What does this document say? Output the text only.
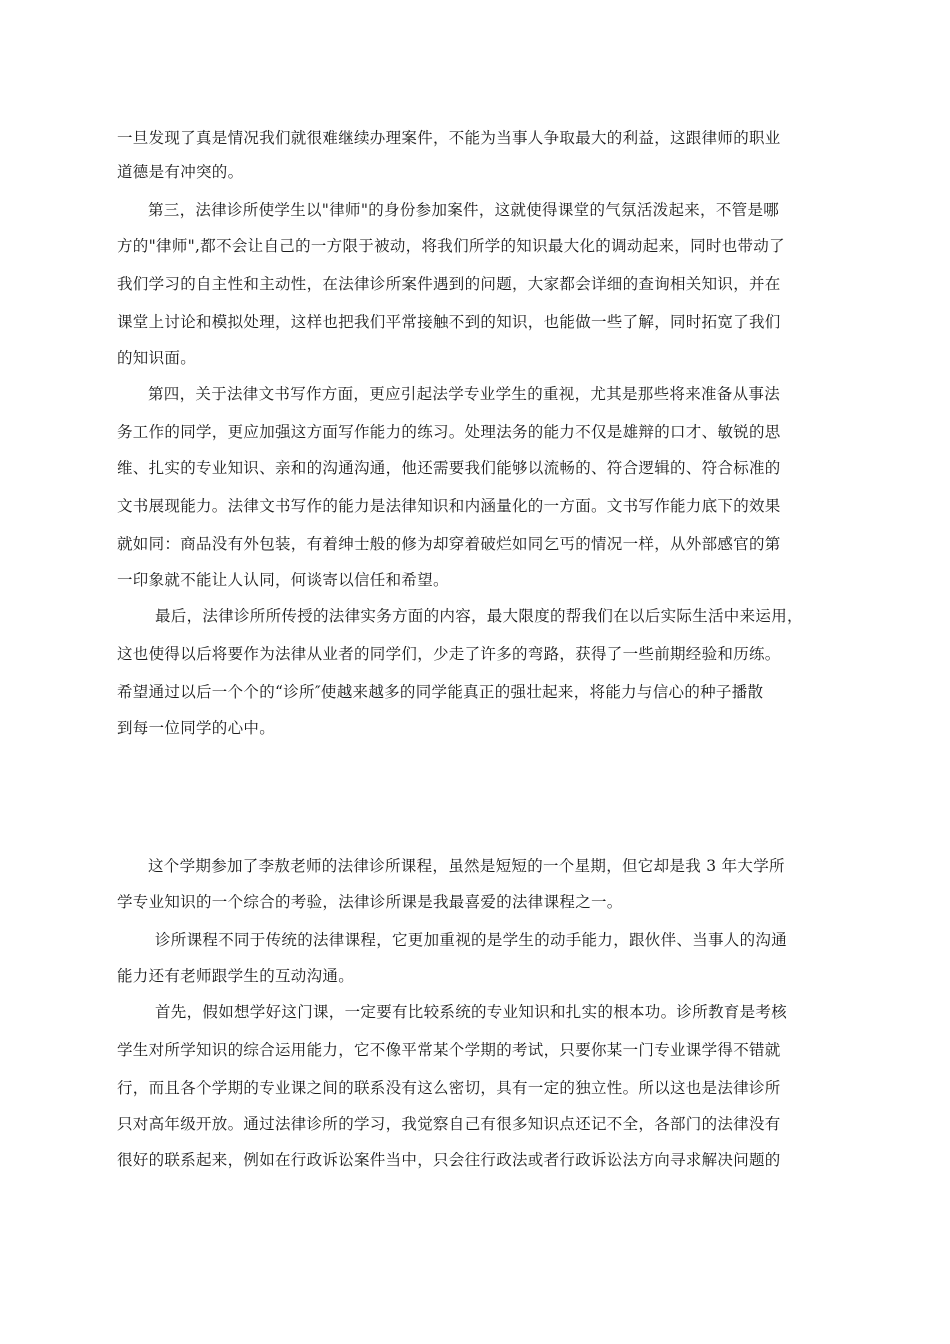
一旦发现了真是情况我们就很难继续办理案件，不能为当事人争取最大的利益，这跟律师的职业
道德是有冲突的。
第三，法律诊所使学生以"律师"的身份参加案件，这就使得课堂的气氛活泼起来，不管是哪
方的"律师",都不会让自己的一方限于被动，将我们所学的知识最大化的调动起来，同时也带动了
我们学习的自主性和主动性，在法律诊所案件遇到的问题，大家都会详细的查询相关知识，并在
课堂上讨论和模拟处理，这样也把我们平常接触不到的知识，也能做一些了解，同时拓宽了我们
的知识面。
第四，关于法律文书写作方面，更应引起法学专业学生的重视，尤其是那些将来准备从事法
务工作的同学，更应加强这方面写作能力的练习。处理法务的能力不仅是雄辩的口才、敏锐的思
维、扎实的专业知识、亲和的沟通沟通，他还需要我们能够以流畅的、符合逻辑的、符合标准的
文书展现能力。法律文书写作的能力是法律知识和内涵量化的一方面。文书写作能力底下的效果
就如同：商品没有外包装，有着绅士般的修为却穿着破烂如同乞丐的情况一样，从外部感官的第
一印象就不能让人认同，何谈寄以信任和希望。
最后，法律诊所所传授的法律实务方面的内容，最大限度的帮我们在以后实际生活中来运用，
这也使得以后将要作为法律从业者的同学们，少走了许多的弯路，获得了一些前期经验和历练。
希望通过以后一个个的“诊所″使越来越多的同学能真正的强壮起来，将能力与信心的种子播散
到每一位同学的心中。
这个学期参加了李敖老师的法律诊所课程，虽然是短短的一个星期，但它却是我 3 年大学所
学专业知识的一个综合的考验，法律诊所课是我最喜爱的法律课程之一。
诊所课程不同于传统的法律课程，它更加重视的是学生的动手能力，跟伙伴、当事人的沟通
能力还有老师跟学生的互动沟通。
首先，假如想学好这门课，一定要有比较系统的专业知识和扎实的根本功。诊所教育是考核
学生对所学知识的综合运用能力，它不像平常某个学期的考试，只要你某一门专业课学得不错就
行，而且各个学期的专业课之间的联系没有这么密切，具有一定的独立性。所以这也是法律诊所
只对高年级开放。通过法律诊所的学习，我觉察自己有很多知识点还记不全，各部门的法律没有
很好的联系起来，例如在行政诉讼案件当中，只会往行政法或者行政诉讼法方向寻求解决问题的
